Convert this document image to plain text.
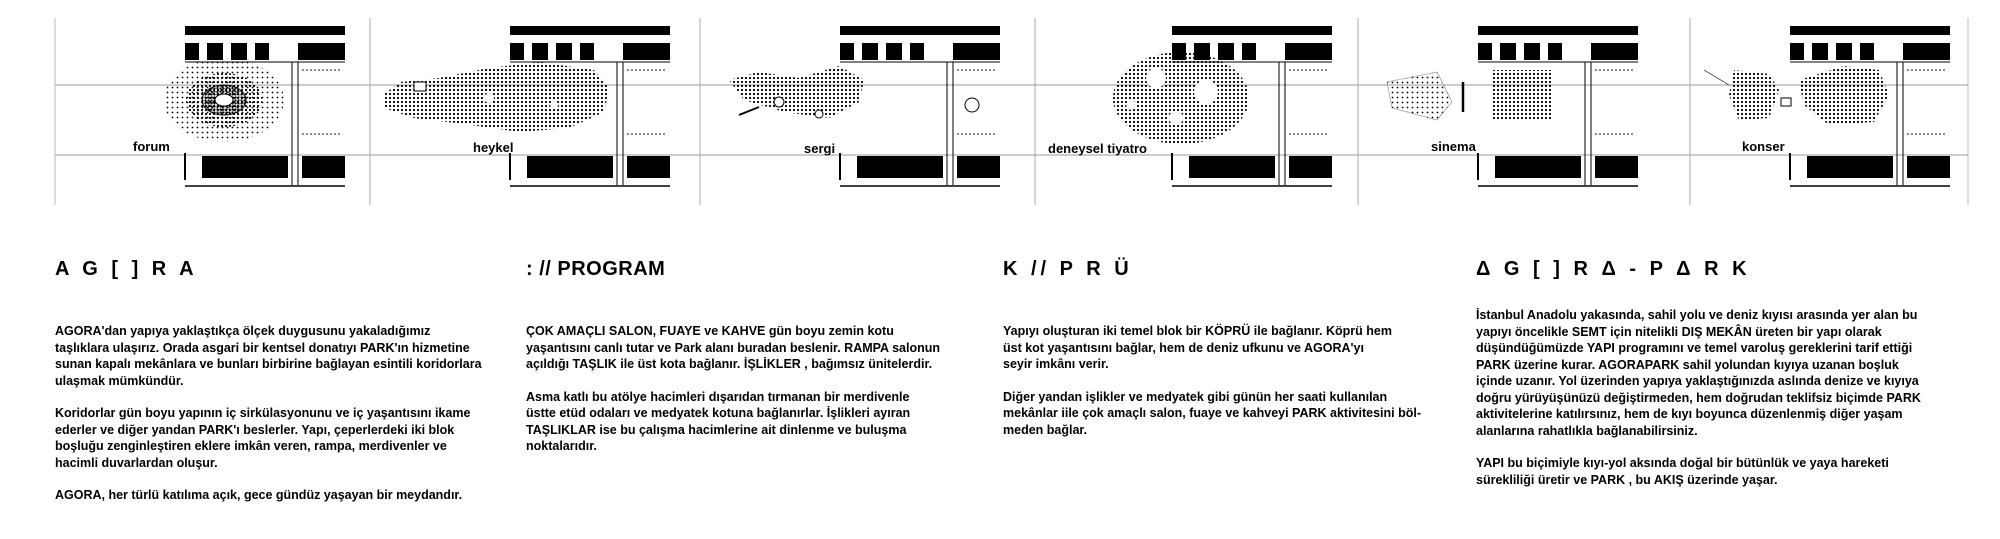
forum	heykel	sergi	deneysel tiyatro	sinema	konser
A G [ ] R A

AGORA'dan yapıya yaklaştıkça ölçek duygusunu yakaladığımız
taşlıklara ulaşırız. Orada asgari bir kentsel donatıyı PARK'ın hizmetine
sunan kapalı mekânlara ve bunları birbirine bağlayan esintili koridorlara
ulaşmak mümkündür.

Koridorlar gün boyu yapının iç sirkülasyonunu ve iç yaşantısını ikame
ederler ve diğer yandan PARK'ı beslerler. Yapı, çeperlerdeki iki blok
boşluğu zenginleştiren eklere imkân veren, rampa, merdivenler ve
hacimli duvarlardan oluşur.

AGORA, her türlü katılıma açık, gece gündüz yaşayan bir meydandır.

: // PROGRAM

ÇOK AMAÇLI SALON, FUAYE ve KAHVE gün boyu zemin kotu
yaşantısını canlı tutar ve Park alanı buradan beslenir. RAMPA salonun
açıldığı TAŞLIK ile üst kota bağlanır. İŞLİKLER , bağımsız ünitelerdir.

Asma katlı bu atölye hacimleri dışarıdan tırmanan bir merdivenle
üstte etüd odaları ve medyatek kotuna bağlanırlar. İşlikleri ayıran
TAŞLIKLAR ise bu çalışma hacimlerine ait dinlenme ve buluşma
noktalarıdır.

K // P R Ü

Yapıyı oluşturan iki temel blok bir KÖPRÜ ile bağlanır. Köprü hem
üst kot yaşantısını bağlar, hem de deniz ufkunu ve AGORA'yı
seyir imkânı verir.

Diğer yandan işlikler ve medyatek gibi günün her saati kullanılan
mekânlar iile çok amaçlı salon, fuaye ve kahveyi PARK aktivitesini böl-
meden bağlar.

Δ G [ ] R Δ - P Δ R K

İstanbul Anadolu yakasında, sahil yolu ve deniz kıyısı arasında yer alan bu
yapıyı öncelikle SEMT için nitelikli DIŞ MEKÂN üreten bir yapı olarak
düşündüğümüzde YAPI programını ve temel varoluş gereklerini tarif ettiği
PARK üzerine kurar. AGORAPARK sahil yolundan kıyıya uzanan boşluk
içinde uzanır. Yol üzerinden yapıya yaklaştığınızda aslında denize ve kıyıya
doğru yürüyüşünüzü değiştirmeden, hem doğrudan teklifsiz biçimde PARK
aktivitelerine katılırsınız, hem de kıyı boyunca düzenlenmiş diğer yaşam
alanlarına rahatlıkla bağlanabilirsiniz.

YAPI bu biçimiyle kıyı-yol aksında doğal bir bütünlük ve yaya hareketi
sürekliliği üretir ve PARK , bu AKIŞ üzerinde yaşar.
